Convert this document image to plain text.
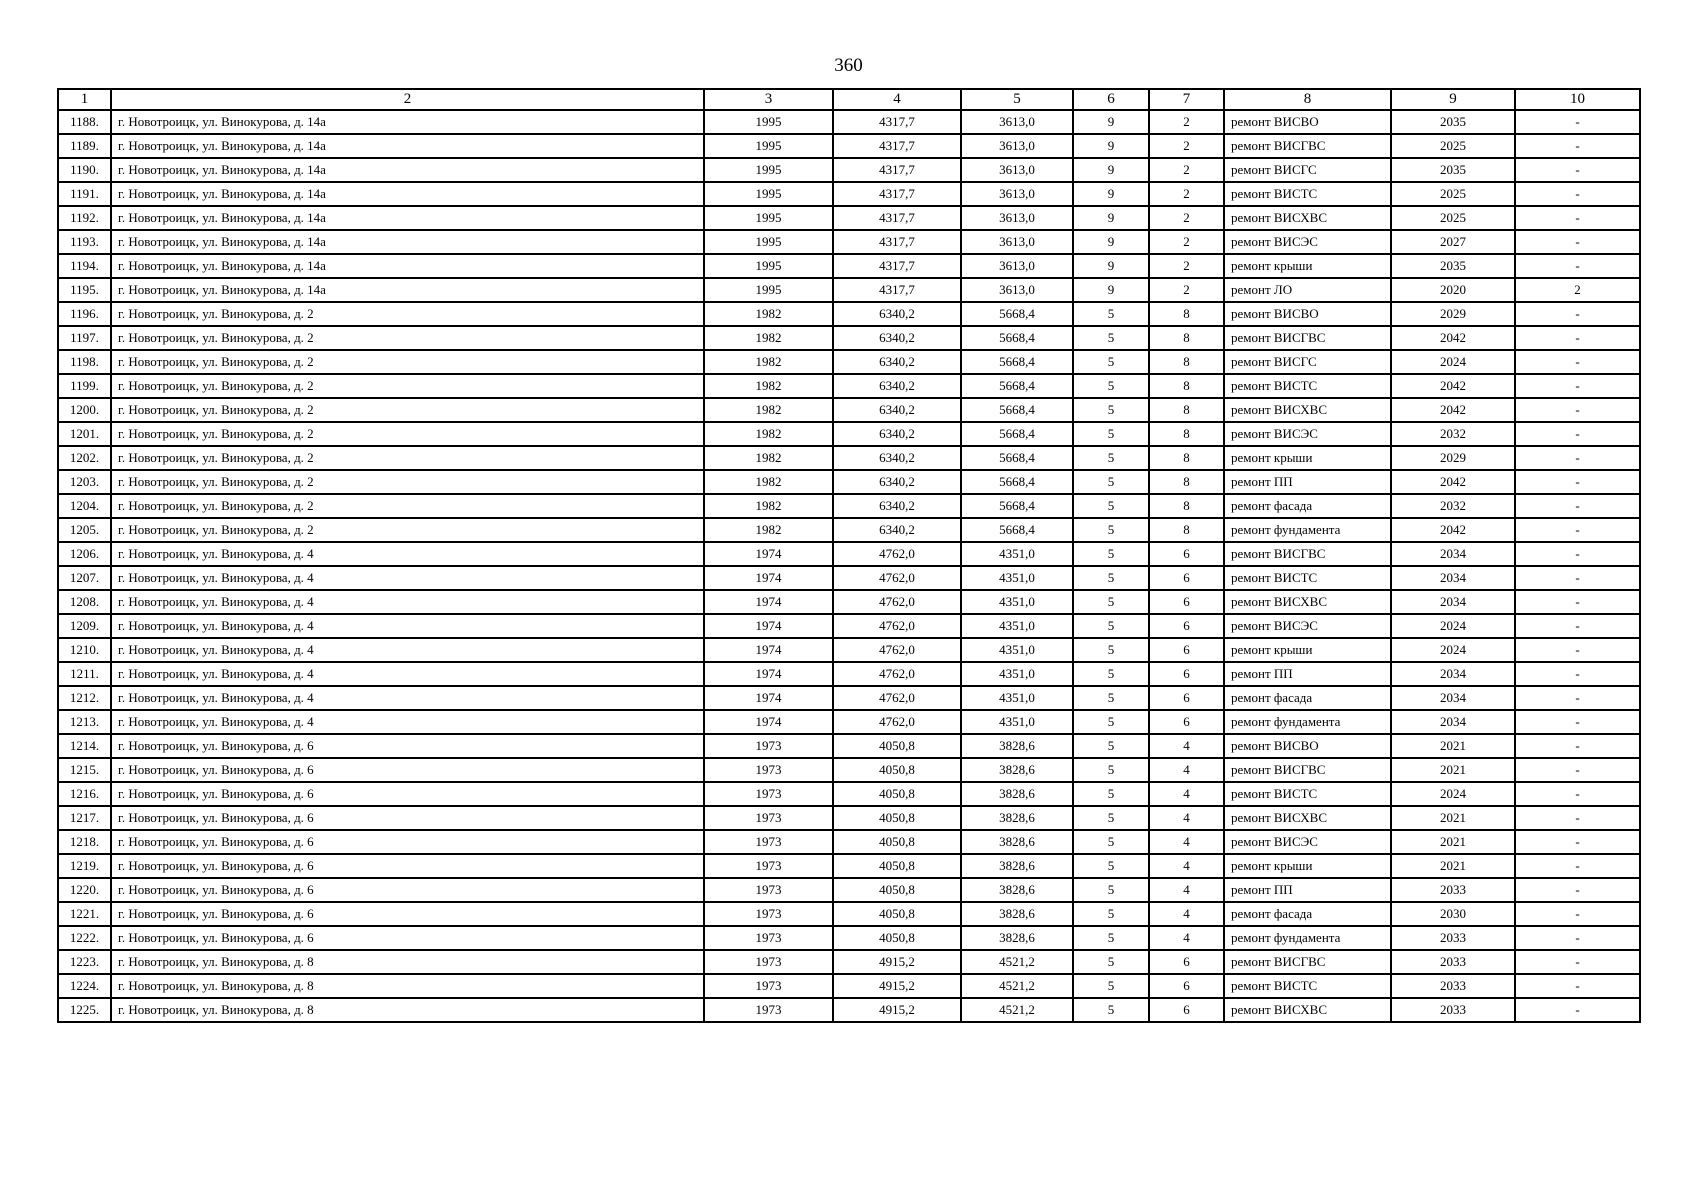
360
1	2	3	4	5	6	7	8	9	10
1188.	г. Новотроицк, ул. Винокурова, д. 14а	1995	4317,7	3613,0	9	2	ремонт ВИСВО	2035	-
1189.	г. Новотроицк, ул. Винокурова, д. 14а	1995	4317,7	3613,0	9	2	ремонт ВИСГВС	2025	-
1190.	г. Новотроицк, ул. Винокурова, д. 14а	1995	4317,7	3613,0	9	2	ремонт ВИСГС	2035	-
1191.	г. Новотроицк, ул. Винокурова, д. 14а	1995	4317,7	3613,0	9	2	ремонт ВИСТС	2025	-
1192.	г. Новотроицк, ул. Винокурова, д. 14а	1995	4317,7	3613,0	9	2	ремонт ВИСХВС	2025	-
1193.	г. Новотроицк, ул. Винокурова, д. 14а	1995	4317,7	3613,0	9	2	ремонт ВИСЭС	2027	-
1194.	г. Новотроицк, ул. Винокурова, д. 14а	1995	4317,7	3613,0	9	2	ремонт крыши	2035	-
1195.	г. Новотроицк, ул. Винокурова, д. 14а	1995	4317,7	3613,0	9	2	ремонт ЛО	2020	2
1196.	г. Новотроицк, ул. Винокурова, д. 2	1982	6340,2	5668,4	5	8	ремонт ВИСВО	2029	-
1197.	г. Новотроицк, ул. Винокурова, д. 2	1982	6340,2	5668,4	5	8	ремонт ВИСГВС	2042	-
1198.	г. Новотроицк, ул. Винокурова, д. 2	1982	6340,2	5668,4	5	8	ремонт ВИСГС	2024	-
1199.	г. Новотроицк, ул. Винокурова, д. 2	1982	6340,2	5668,4	5	8	ремонт ВИСТС	2042	-
1200.	г. Новотроицк, ул. Винокурова, д. 2	1982	6340,2	5668,4	5	8	ремонт ВИСХВС	2042	-
1201.	г. Новотроицк, ул. Винокурова, д. 2	1982	6340,2	5668,4	5	8	ремонт ВИСЭС	2032	-
1202.	г. Новотроицк, ул. Винокурова, д. 2	1982	6340,2	5668,4	5	8	ремонт крыши	2029	-
1203.	г. Новотроицк, ул. Винокурова, д. 2	1982	6340,2	5668,4	5	8	ремонт ПП	2042	-
1204.	г. Новотроицк, ул. Винокурова, д. 2	1982	6340,2	5668,4	5	8	ремонт фасада	2032	-
1205.	г. Новотроицк, ул. Винокурова, д. 2	1982	6340,2	5668,4	5	8	ремонт фундамента	2042	-
1206.	г. Новотроицк, ул. Винокурова, д. 4	1974	4762,0	4351,0	5	6	ремонт ВИСГВС	2034	-
1207.	г. Новотроицк, ул. Винокурова, д. 4	1974	4762,0	4351,0	5	6	ремонт ВИСТС	2034	-
1208.	г. Новотроицк, ул. Винокурова, д. 4	1974	4762,0	4351,0	5	6	ремонт ВИСХВС	2034	-
1209.	г. Новотроицк, ул. Винокурова, д. 4	1974	4762,0	4351,0	5	6	ремонт ВИСЭС	2024	-
1210.	г. Новотроицк, ул. Винокурова, д. 4	1974	4762,0	4351,0	5	6	ремонт крыши	2024	-
1211.	г. Новотроицк, ул. Винокурова, д. 4	1974	4762,0	4351,0	5	6	ремонт ПП	2034	-
1212.	г. Новотроицк, ул. Винокурова, д. 4	1974	4762,0	4351,0	5	6	ремонт фасада	2034	-
1213.	г. Новотроицк, ул. Винокурова, д. 4	1974	4762,0	4351,0	5	6	ремонт фундамента	2034	-
1214.	г. Новотроицк, ул. Винокурова, д. 6	1973	4050,8	3828,6	5	4	ремонт ВИСВО	2021	-
1215.	г. Новотроицк, ул. Винокурова, д. 6	1973	4050,8	3828,6	5	4	ремонт ВИСГВС	2021	-
1216.	г. Новотроицк, ул. Винокурова, д. 6	1973	4050,8	3828,6	5	4	ремонт ВИСТС	2024	-
1217.	г. Новотроицк, ул. Винокурова, д. 6	1973	4050,8	3828,6	5	4	ремонт ВИСХВС	2021	-
1218.	г. Новотроицк, ул. Винокурова, д. 6	1973	4050,8	3828,6	5	4	ремонт ВИСЭС	2021	-
1219.	г. Новотроицк, ул. Винокурова, д. 6	1973	4050,8	3828,6	5	4	ремонт крыши	2021	-
1220.	г. Новотроицк, ул. Винокурова, д. 6	1973	4050,8	3828,6	5	4	ремонт ПП	2033	-
1221.	г. Новотроицк, ул. Винокурова, д. 6	1973	4050,8	3828,6	5	4	ремонт фасада	2030	-
1222.	г. Новотроицк, ул. Винокурова, д. 6	1973	4050,8	3828,6	5	4	ремонт фундамента	2033	-
1223.	г. Новотроицк, ул. Винокурова, д. 8	1973	4915,2	4521,2	5	6	ремонт ВИСГВС	2033	-
1224.	г. Новотроицк, ул. Винокурова, д. 8	1973	4915,2	4521,2	5	6	ремонт ВИСТС	2033	-
1225.	г. Новотроицк, ул. Винокурова, д. 8	1973	4915,2	4521,2	5	6	ремонт ВИСХВС	2033	-
